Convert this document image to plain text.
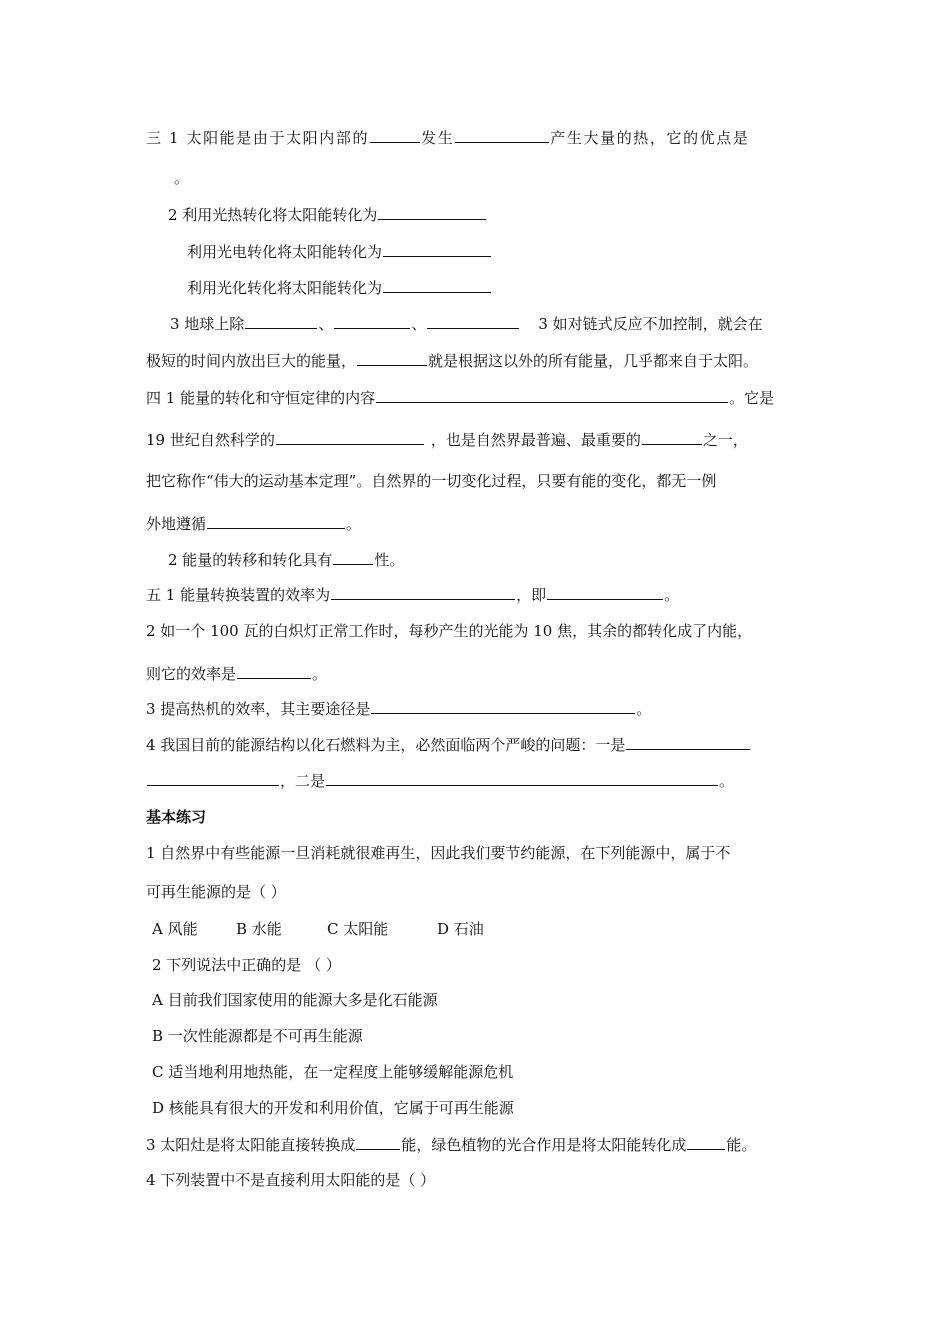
三 1 太阳能是由于太阳内部的	发生	产生大量的热，它的优点是
。
2 利用光热转化将太阳能转化为
利用光电转化将太阳能转化为
利用光化转化将太阳能转化为
3 地球上除	、	、	3 如对链式反应不加控制，就会在
极短的时间内放出巨大的能量，	就是根据这以外的所有能量，几乎都来自于太阳。
四 1 能量的转化和守恒定律的内容	。它是
19 世纪自然科学的	，也是自然界最普遍、最重要的	之一，
把它称作“伟大的运动基本定理”。自然界的一切变化过程，只要有能的变化，都无一例
外地遵循	。
2 能量的转移和转化具有	性。
五 1 能量转换装置的效率为	，即	。
2 如一个 100 瓦的白炽灯正常工作时，每秒产生的光能为 10 焦，其余的都转化成了内能，
则它的效率是	。
3 提高热机的效率，其主要途径是	。
4 我国目前的能源结构以化石燃料为主，必然面临两个严峻的问题：一是
，二是	。
基本练习
1 自然界中有些能源一旦消耗就很难再生，因此我们要节约能源，在下列能源中，属于不
可再生能源的是（ ）
A 风能	B 水能	C 太阳能	D 石油
2 下列说法中正确的是 （ ）
A 目前我们国家使用的能源大多是化石能源
B 一次性能源都是不可再生能源
C 适当地利用地热能，在一定程度上能够缓解能源危机
D 核能具有很大的开发和利用价值，它属于可再生能源
3 太阳灶是将太阳能直接转换成	能，绿色植物的光合作用是将太阳能转化成	能。
4 下列装置中不是直接利用太阳能的是（ ）
